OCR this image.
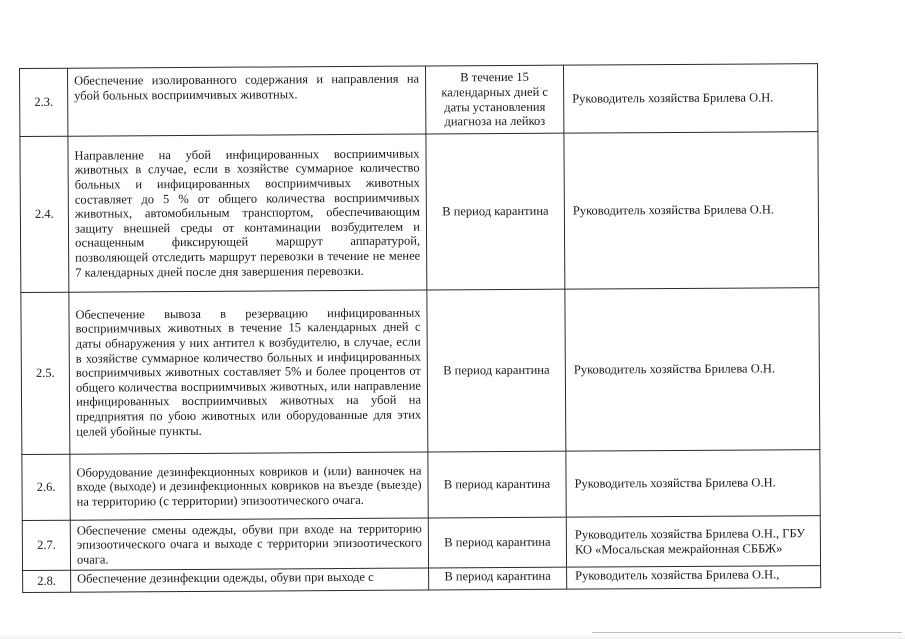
2.3.	Обеспечение изолированного содержания и направления на убой больных восприимчивых животных.	В течение 15 календарных дней с даты установления диагноза на лейкоз	Руководитель хозяйства Брилева О.Н.
2.4.	Направление на убой инфицированных восприимчивых животных в случае, если в хозяйстве суммарное количество больных и инфицированных восприимчивых животных составляет до 5 % от общего количества восприимчивых животных, автомобильным транспортом, обеспечивающим защиту внешней среды от контаминации возбудителем и оснащенным фиксирующей маршрут аппаратурой, позволяющей отследить маршрут перевозки в течение не менее 7 календарных дней после дня завершения перевозки.	В период карантина	Руководитель хозяйства Брилева О.Н.
2.5.	Обеспечение вывоза в резервацию инфицированных восприимчивых животных в течение 15 календарных дней с даты обнаружения у них антител к возбудителю, в случае, если в хозяйстве суммарное количество больных и инфицированных восприимчивых животных составляет 5% и более процентов от общего количества восприимчивых животных, или направление инфицированных восприимчивых животных на убой на предприятия по убою животных или оборудованные для этих целей убойные пункты.	В период карантина	Руководитель хозяйства Брилева О.Н.
2.6.	Оборудование дезинфекционных ковриков и (или) ванночек на входе (выходе) и дезинфекционных ковриков на въезде (выезде) на территорию (с территории) эпизоотического очага.	В период карантина	Руководитель хозяйства Брилева О.Н.
2.7.	Обеспечение смены одежды, обуви при входе на территорию эпизоотического очага и выходе с территории эпизоотического очага.	В период карантина	Руководитель хозяйства Брилева О.Н., ГБУ КО «Мосальская межрайонная СББЖ»
2.8.	Обеспечение дезинфекции одежды, обуви при выходе с	В период карантина	Руководитель хозяйства Брилева О.Н.,
